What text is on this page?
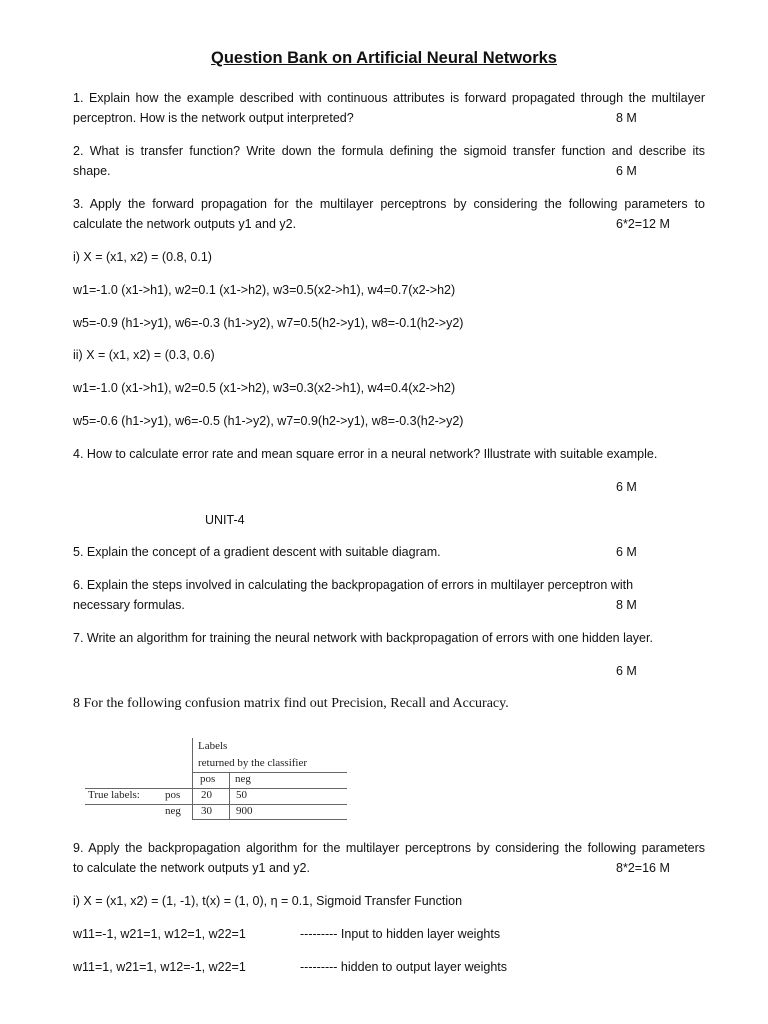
Question Bank on Artificial Neural Networks
1. Explain how the example described with continuous attributes is forward propagated through the multilayer
perceptron. How is the network output interpreted?	8 M
2. What is transfer function? Write down the formula defining the sigmoid transfer function and describe its
shape.	6 M
3. Apply the forward propagation for the multilayer perceptrons by considering the following parameters to
calculate the network outputs y1 and y2.	6*2=12 M
i) X = (x1, x2) = (0.8, 0.1)
w1=-1.0 (x1->h1), w2=0.1 (x1->h2), w3=0.5(x2->h1), w4=0.7(x2->h2)
w5=-0.9 (h1->y1), w6=-0.3 (h1->y2), w7=0.5(h2->y1), w8=-0.1(h2->y2)
ii) X = (x1, x2) = (0.3, 0.6)
w1=-1.0 (x1->h1), w2=0.5 (x1->h2), w3=0.3(x2->h1), w4=0.4(x2->h2)
w5=-0.6 (h1->y1), w6=-0.5 (h1->y2), w7=0.9(h2->y1), w8=-0.3(h2->y2)
4. How to calculate error rate and mean square error in a neural network? Illustrate with suitable example.
6 M
UNIT-4
5. Explain the concept of a gradient descent with suitable diagram.	6 M
6. Explain the steps involved in calculating the backpropagation of errors in multilayer perceptron with
necessary formulas.	8 M
7. Write an algorithm for training the neural network with backpropagation of errors with one hidden layer.
6 M
8 For the following confusion matrix find out Precision, Recall and Accuracy.
Labels
returned by the classifier
pos neg
True labels: pos 20 50
neg 30 900
9. Apply the backpropagation algorithm for the multilayer perceptrons by considering the following parameters
to calculate the network outputs y1 and y2.	8*2=16 M
i) X = (x1, x2) = (1, -1), t(x) = (1, 0), η = 0.1, Sigmoid Transfer Function
w11=-1, w21=1, w12=1, w22=1	--------- Input to hidden layer weights
w11=1, w21=1, w12=-1, w22=1	--------- hidden to output layer weights
